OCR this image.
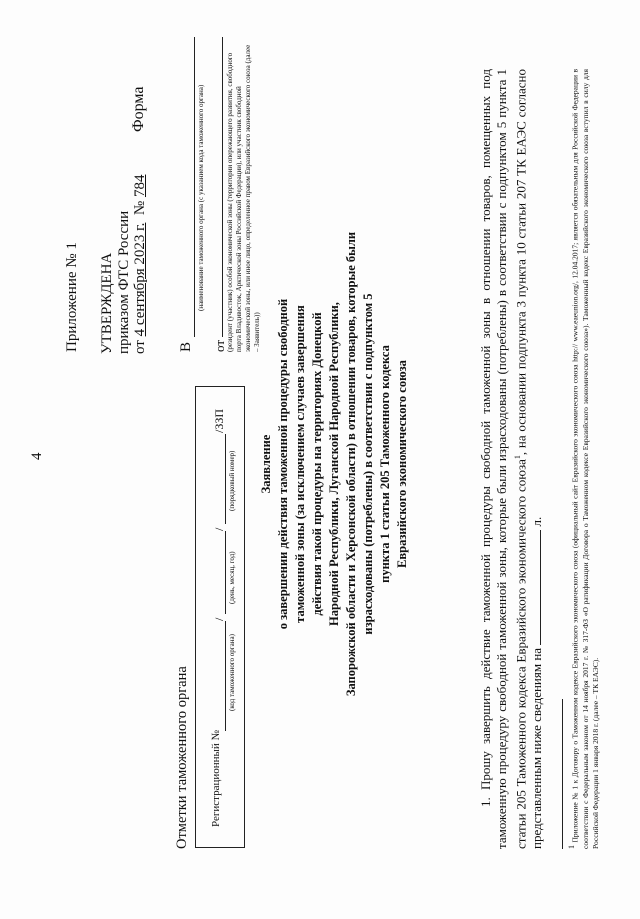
4
Приложение № 1 УТВЕРЖДЕНА приказом ФТС России от 4 сентября 2023 г.  № 784
Форма
Отметки таможенного органа Регистрационный №
/
/
/ЗЗП
(код таможенного органа)
(день, месяц, год)
(порядковый номер) Заявление о завершении действия таможенной процедуры свободной таможенной зоны (за исключением случаев завершения действия такой процедуры на территориях Донецкой Народной Республики, Луганской Народной Республики, Запорожской области и Херсонской области) в отношении товаров, которые были израсходованы (потреблены) в соответствии с подпунктом 5 пункта 1 статьи 205 Таможенного кодекса Евразийского экономического союза
В
(наименование таможенного органа (с указанием кода таможенного органа)
от (резидент (участник) особой экономической зоны (территории опережающего развития, свободного порта Владивосток, Арктической зоны Российской Федерации), или участник свободной экономической зоны, или иное лицо, определенное правом Евразийского экономического союза (далее – Заявитель))	1. Прошу завершить действие таможенной процедуры свободной таможенной зоны в отношении товаров, помещенных под таможенную процедуру свободной таможенной зоны, которые были израсходованы (потреблены) в соответствии с подпунктом 5 пункта 1 статьи 205 Таможенного кодекса Евразийского экономического союза$^1$, на основании подпункта 3 пункта 10 статьи 207 ТК ЕАЭС согласно представленным ниже сведениям на  л.
1 Приложение № 1 к Договору о Таможенном кодексе Евразийского экономического союза (официальный сайт Евразийского экономического союза http:// www.eaeunion.org/, 12.04.2017; является обязательным для Российской Федерации в соответствии с Федеральным законом от 14 ноября 2017 г. № 317-ФЗ «О ратификации Договора о Таможенном кодексе Евразийского экономического союза»). Таможенный кодекс Евразийского экономического союза вступил в силу для Российской Федерации 1 января 2018 г. (далее – ТК ЕАЭС).
